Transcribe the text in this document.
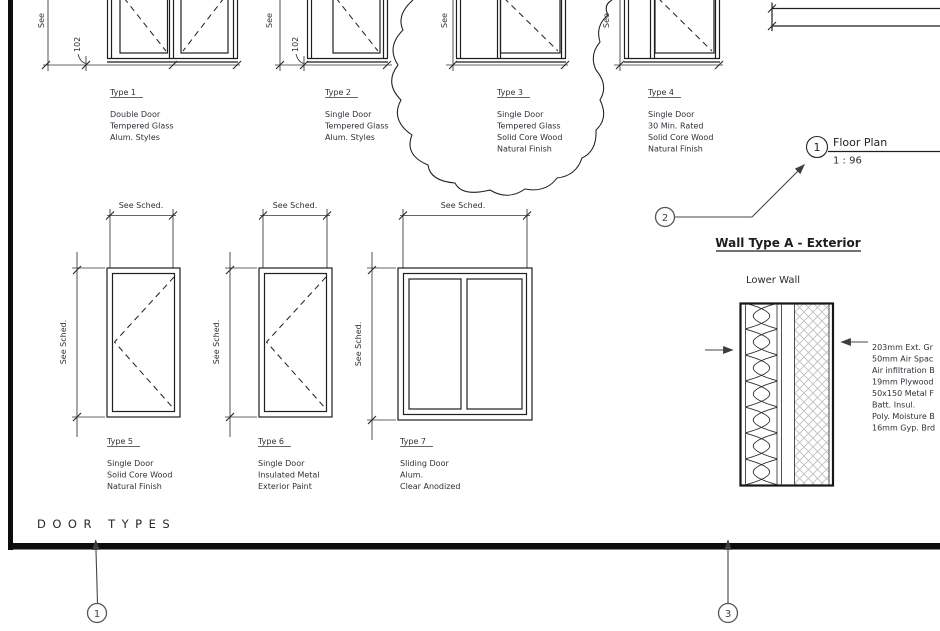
See
102
Type 1
Double Door
Tempered Glass
Alum. Styles
See
102
Type 2
Single Door
Tempered Glass
Alum. Styles
See
Type 3
Single Door
Tempered Glass
Solid Core Wood
Natural Finish
See
Type 4
Single Door
30 Min. Rated
Solid Core Wood
Natural Finish
See Sched.
See Sched.
Type 5
Single Door
Solid Core Wood
Natural Finish
See Sched.
See Sched.
Type 6
Single Door
Insulated Metal
Exterior Paint
See Sched.
See Sched.
Type 7
Sliding Door
Alum.
Clear Anodized
1 Floor Plan
1 : 96
2
Wall Type A - Exterior
Lower Wall
203mm Ext. Gr
50mm Air Spac
Air infiltration B
19mm Plywood
50x150 Metal F
Batt. Insul.
Poly. Moisture B
16mm Gyp. Brd
DOOR TYPES
1	3
